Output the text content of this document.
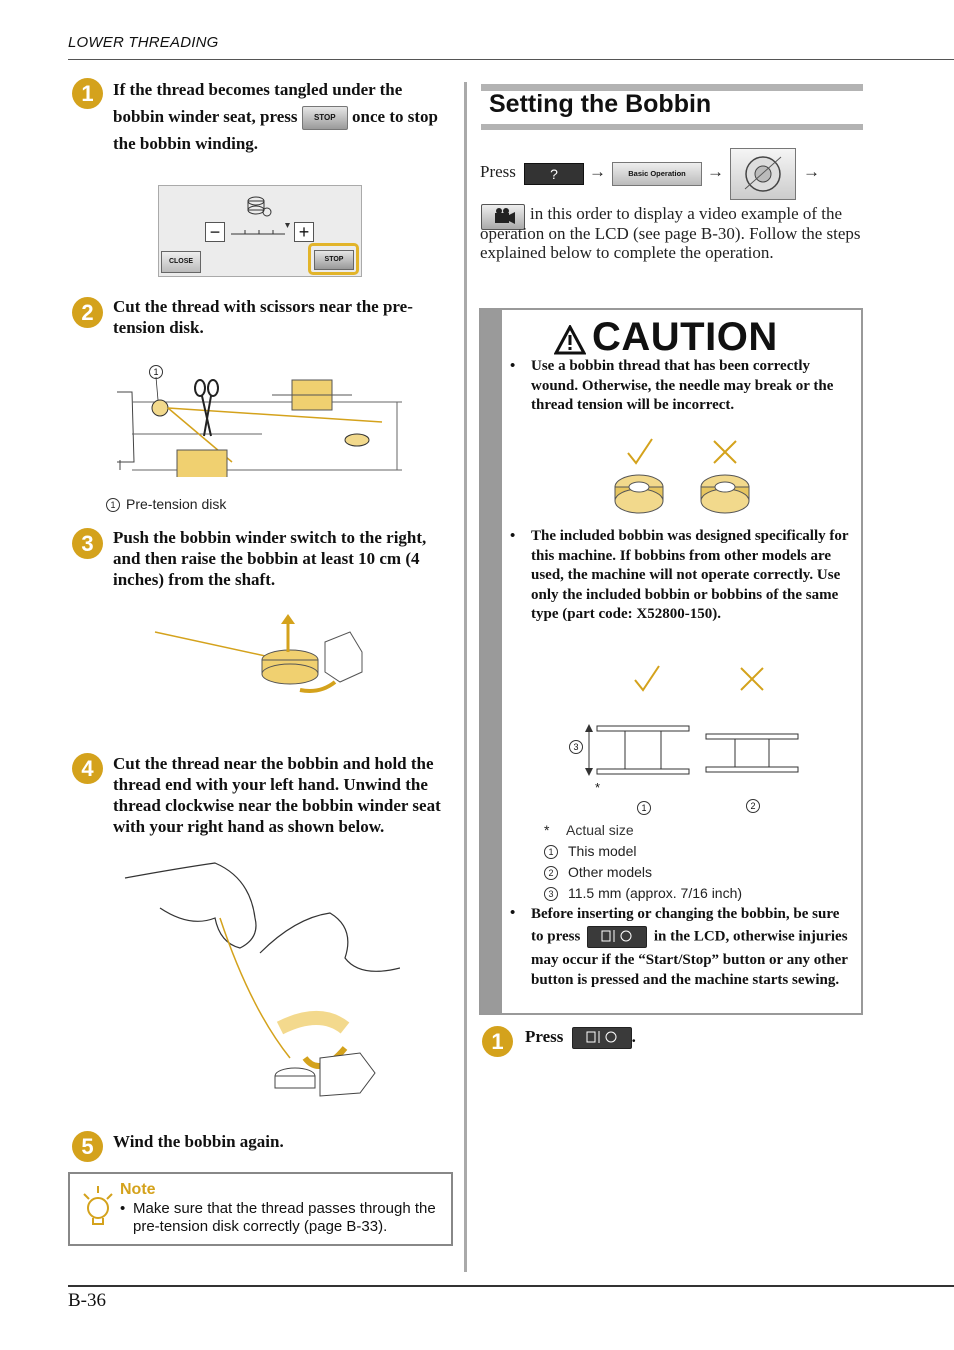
LOWER THREADING
1	If the thread becomes tangled under the bobbin winder seat, press STOP once to stop the bobbin winding.
−	+
CLOSE	STOP
2	Cut the thread with scissors near the pre-tension disk.
1
1 Pre-tension disk
3	Push the bobbin winder switch to the right, and then raise the bobbin at least 10 cm (4 inches) from the shaft.
4	Cut the thread near the bobbin and hold the thread end with your left hand. Unwind the thread clockwise near the bobbin winder seat with your right hand as shown below.
5	Wind the bobbin again.
Note
• Make sure that the thread passes through the pre-tension disk correctly (page B-33).
Setting the Bobbin
Press	?	→	Basic Operation	→	→
in this order to display a video example of the operation on the LCD (see page B-30). Follow the steps explained below to complete the operation.
CAUTION
• Use a bobbin thread that has been correctly wound. Otherwise, the needle may break or the thread tension will be incorrect.
• The included bobbin was designed specifically for this machine. If bobbins from other models are used, the machine will not operate correctly. Use only the included bobbin or bobbins of the same type (part code: X52800-150).
3
*
1	2
* Actual size
1 This model
2 Other models
3 11.5 mm (approx. 7/16 inch)
• Before inserting or changing the bobbin, be sure to press	in the LCD, otherwise injuries may occur if the “Start/Stop” button or any other button is pressed and the machine starts sewing.
1	Press	.
B-36
